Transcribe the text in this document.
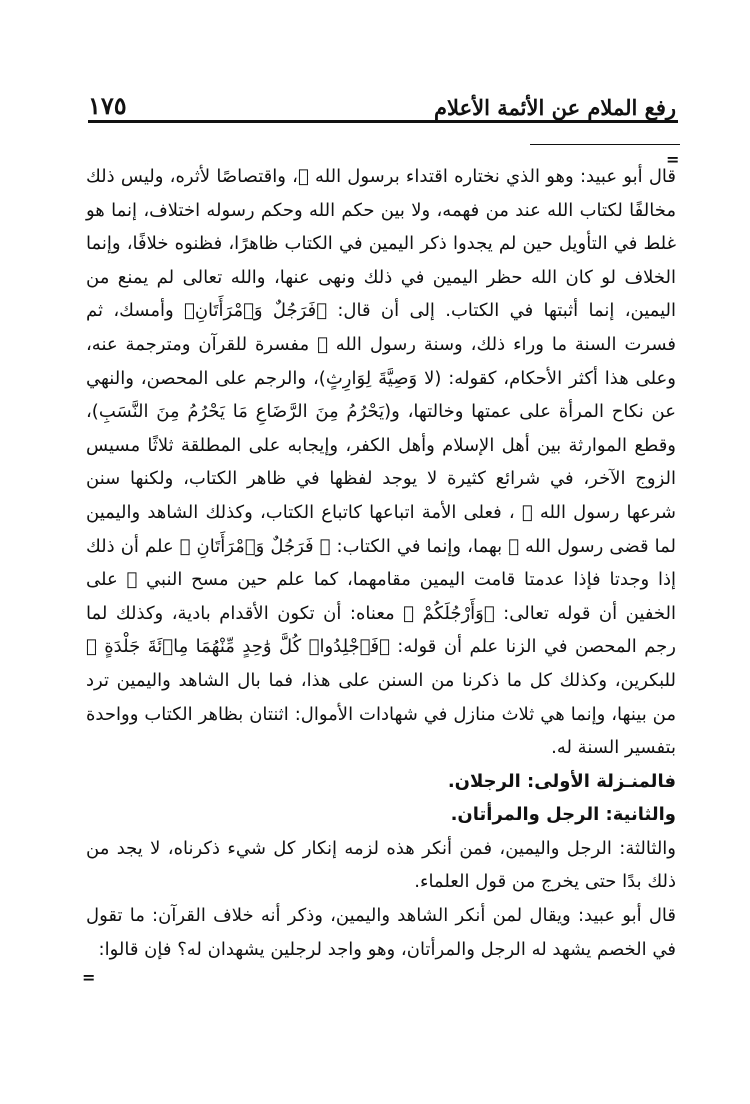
١٧٥	رفع الملام عن الأئمة الأعلام
=

قال أبو عبيد: وهو الذي نختاره اقتداء برسول الله ﷺ، واقتصاصًا لأثره، وليس ذلك مخالفًا لكتاب الله عند من فهمه، ولا بين حكم الله وحكم رسوله اختلاف، إنما هو غلط في التأويل حين لم يجدوا ذكر اليمين في الكتاب ظاهرًا، فظنوه خلافًا، وإنما الخلاف لو كان الله حظر اليمين في ذلك ونهى عنها، والله تعالى لم يمنع من اليمين، إنما أثبتها في الكتاب. إلى أن قال: ﴿فَرَجُلٌ وَٱمْرَأَتَانِ﴾ وأمسك، ثم فسرت السنة ما وراء ذلك، وسنة رسول الله ﷺ مفسرة للقرآن ومترجمة عنه، وعلى هذا أكثر الأحكام، كقوله: (لا وَصِيَّةَ لِوَارِثٍ)، والرجم على المحصن، والنهي عن نكاح المرأة على عمتها وخالتها، و(يَحْرُمُ مِنَ الرَّضَاعِ مَا يَحْرُمُ مِنَ النَّسَبِ)، وقطع الموارثة بين أهل الإسلام وأهل الكفر، وإيجابه على المطلقة ثلاثًا مسيس الزوج الآخر، في شرائع كثيرة لا يوجد لفظها في ظاهر الكتاب، ولكنها سنن شرعها رسول الله ﷺ ، فعلى الأمة اتباعها كاتباع الكتاب، وكذلك الشاهد واليمين لما قضى رسول الله ﷺ بهما، وإنما في الكتاب: ﴿ فَرَجُلٌ وَٱمْرَأَتَانِ ﴾ علم أن ذلك إذا وجدتا فإذا عدمتا قامت اليمين مقامهما، كما علم حين مسح النبي ﷺ على الخفين أن قوله تعالى: ﴿وَأَرْجُلَكُمْ ﴾ معناه: أن تكون الأقدام بادية، وكذلك لما رجم المحصن في الزنا علم أن قوله: ﴿فَٱجْلِدُوا۟ كُلَّ وَٰحِدٍ مِّنْهُمَا مِا۟ئَةَ جَلْدَةٍ ﴾ للبكرين، وكذلك كل ما ذكرنا من السنن على هذا، فما بال الشاهد واليمين ترد من بينها، وإنما هي ثلاث منازل في شهادات الأموال: اثنتان بظاهر الكتاب وواحدة بتفسير السنة له.

فالمنـزلة الأولى: الرجلان.

والثانية: الرجل والمرأتان.

والثالثة: الرجل واليمين، فمن أنكر هذه لزمه إنكار كل شيء ذكرناه، لا يجد من ذلك بدًا حتى يخرج من قول العلماء.

قال أبو عبيد: ويقال لمن أنكر الشاهد واليمين، وذكر أنه خلاف القرآن: ما تقول في الخصم يشهد له الرجل والمرأتان، وهو واجد لرجلين يشهدان له؟ فإن قالوا:

=
